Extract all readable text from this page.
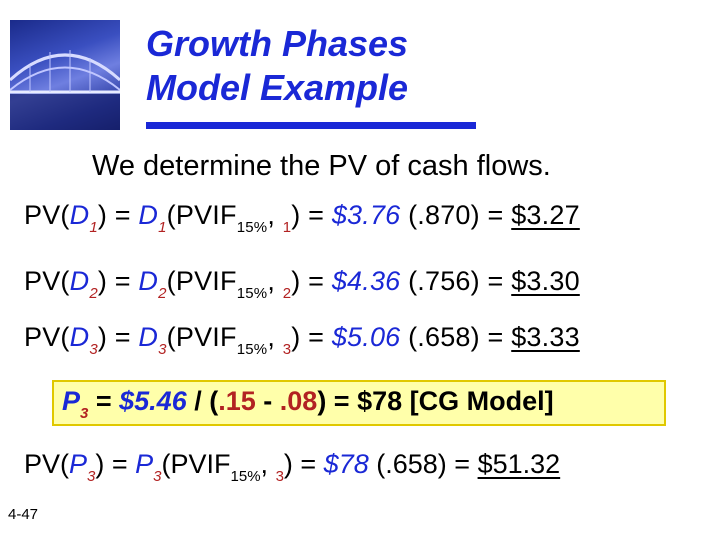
Growth Phases
Model Example
We determine the PV of cash flows.
$PV(D_1)$ = $D_1(PVIF_{15\%}$, $_1$) = $3.76 (.870) = $3.27
$PV(D_2)$ = $D_2(PVIF_{15\%}$, $_2$) = $4.36 (.756) = $3.30
$PV(D_3)$ = $D_3(PVIF_{15\%}$, $_3$) = $5.06 (.658) = $3.33
$P_3$ = $5.46 / (.15 - .08) = $78 [CG Model]
$PV(P_3)$ = $P_3(PVIF_{15\%}$, $_3$) = $78 (.658) = $51.32
4-47
